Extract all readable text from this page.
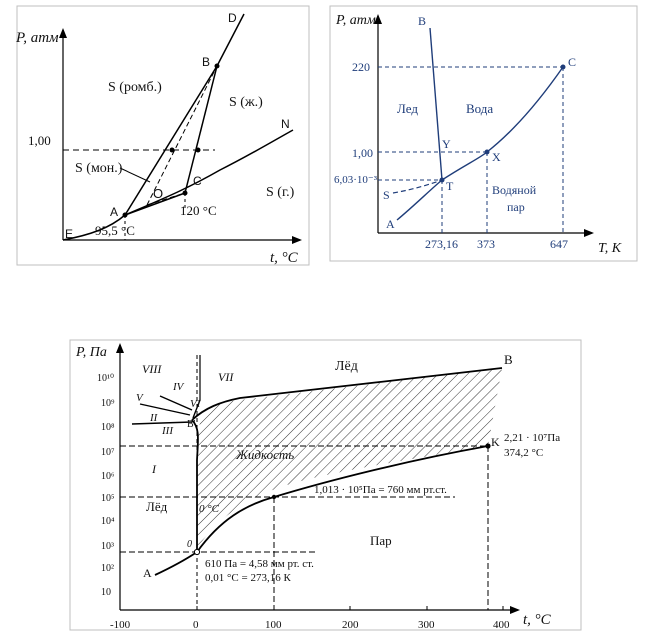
P, атм
t, °C
1,00
D
B
N
C
A
O
E
S (ромб.)
S (ж.)
S (мон.)
S (г.)
95,5 °C
120 °C
P, атм
T, K
220
1,00
6,03·10⁻³
273,16 373	647
B
C
Y
X
T
S
A
Лед	Вода
Водяной
пар
P, Па
t, °C
10¹⁰
10⁹
10⁸
10⁷
10⁶
10⁵
10⁴
10³
10²
10
-100	0	100	200	300	400
VIII
VII
IV
V	VI
II
III
I
Лёд
Лёд
Жидкость
Пар
B
B'
K
A
0
0 °C
1,013 · 10⁵Па = 760 мм рт.ст.
2,21 · 10⁷Па
374,2 °C
610 Па = 4,58 мм рт. ст.
0,01 °C = 273,16 К
